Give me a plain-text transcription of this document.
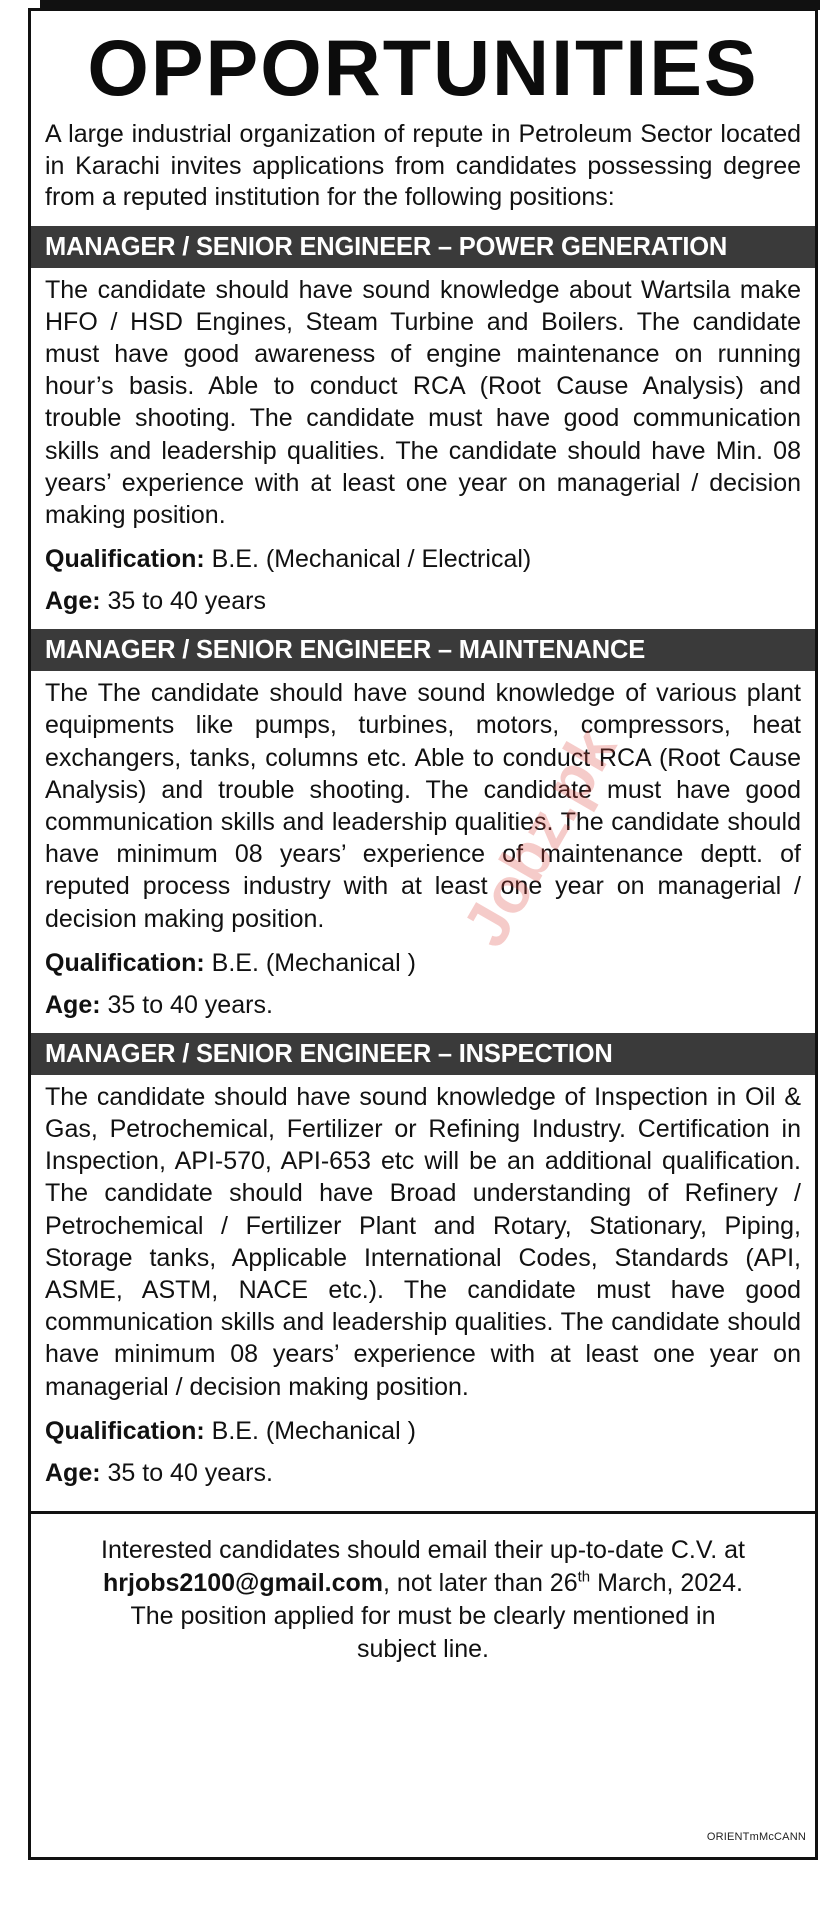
OPPORTUNITIES
A large industrial organization of repute in Petroleum Sector located in Karachi invites applications from candidates possessing degree from a reputed institution for the following positions:
MANAGER / SENIOR ENGINEER – POWER GENERATION
The candidate should have sound knowledge about Wartsila make HFO / HSD Engines, Steam Turbine and Boilers. The candidate must have good awareness of engine maintenance on running hour’s basis. Able to conduct RCA (Root Cause Analysis) and trouble shooting. The candidate must have good communication skills and leadership qualities. The candidate should have Min. 08 years’ experience with at least one year on managerial / decision making position.
Qualification: B.E. (Mechanical / Electrical)
Age: 35 to 40 years
MANAGER / SENIOR ENGINEER – MAINTENANCE
The The candidate should have sound knowledge of various plant equipments like pumps, turbines, motors, compressors, heat exchangers, tanks, columns etc. Able to conduct RCA (Root Cause Analysis) and trouble shooting. The candidate must have good communication skills and leadership qualities. The candidate should have minimum 08 years’ experience of maintenance deptt. of reputed process industry with at least one year on managerial / decision making position.
Qualification: B.E. (Mechanical )
Age: 35 to 40 years.
MANAGER / SENIOR ENGINEER – INSPECTION
The candidate should have sound knowledge of Inspection in Oil & Gas, Petrochemical, Fertilizer or Refining Industry. Certification in Inspection, API-570, API-653 etc will be an additional qualification. The candidate should have Broad understanding of Refinery / Petrochemical / Fertilizer Plant and Rotary, Stationary, Piping, Storage tanks, Applicable International Codes, Standards (API, ASME, ASTM, NACE etc.). The candidate must have good communication skills and leadership qualities. The candidate should have minimum 08 years’ experience with at least one year on managerial / decision making position.
Qualification: B.E. (Mechanical )
Age: 35 to 40 years.
Interested candidates should email their up-to-date C.V. at hrjobs2100@gmail.com, not later than 26th March, 2024. The position applied for must be clearly mentioned in subject line.
ORIENTmMcCANN
Jobz.pk
